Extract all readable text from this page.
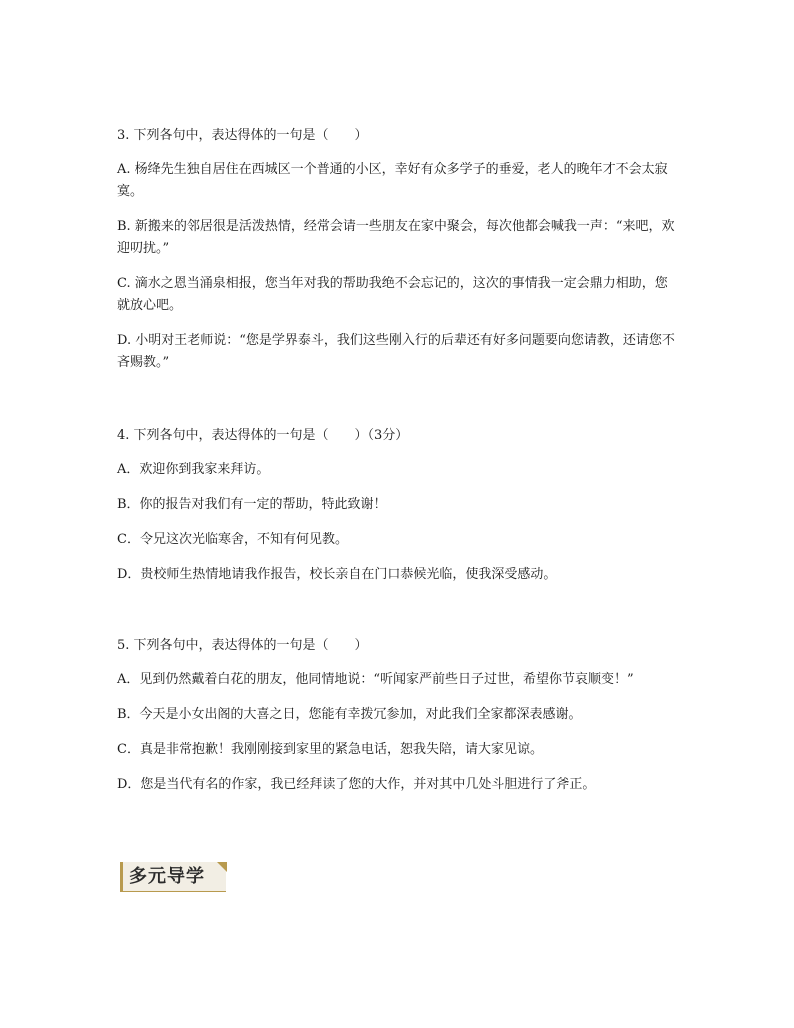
3. 下列各句中，表达得体的一句是（　　）

A. 杨绛先生独自居住在西城区一个普通的小区，幸好有众多学子的垂爱，老人的晚年才不会太寂寞。

B. 新搬来的邻居很是活泼热情，经常会请一些朋友在家中聚会，每次他都会喊我一声：“来吧，欢迎叨扰。”

C. 滴水之恩当涌泉相报，您当年对我的帮助我绝不会忘记的，这次的事情我一定会鼎力相助，您就放心吧。

D. 小明对王老师说：“您是学界泰斗，我们这些刚入行的后辈还有好多问题要向您请教，还请您不吝赐教。”

4. 下列各句中，表达得体的一句是（　　）（3分）

A．欢迎你到我家来拜访。

B．你的报告对我们有一定的帮助，特此致谢！

C．令兄这次光临寒舍，不知有何见教。

D．贵校师生热情地请我作报告，校长亲自在门口恭候光临，使我深受感动。

5. 下列各句中，表达得体的一句是（　　）

A．见到仍然戴着白花的朋友，他同情地说：“听闻家严前些日子过世，希望你节哀顺变！”

B．今天是小女出阁的大喜之日，您能有幸拨冗参加，对此我们全家都深表感谢。

C．真是非常抱歉！我刚刚接到家里的紧急电话，恕我失陪，请大家见谅。

D．您是当代有名的作家，我已经拜读了您的大作，并对其中几处斗胆进行了斧正。

多元导学
